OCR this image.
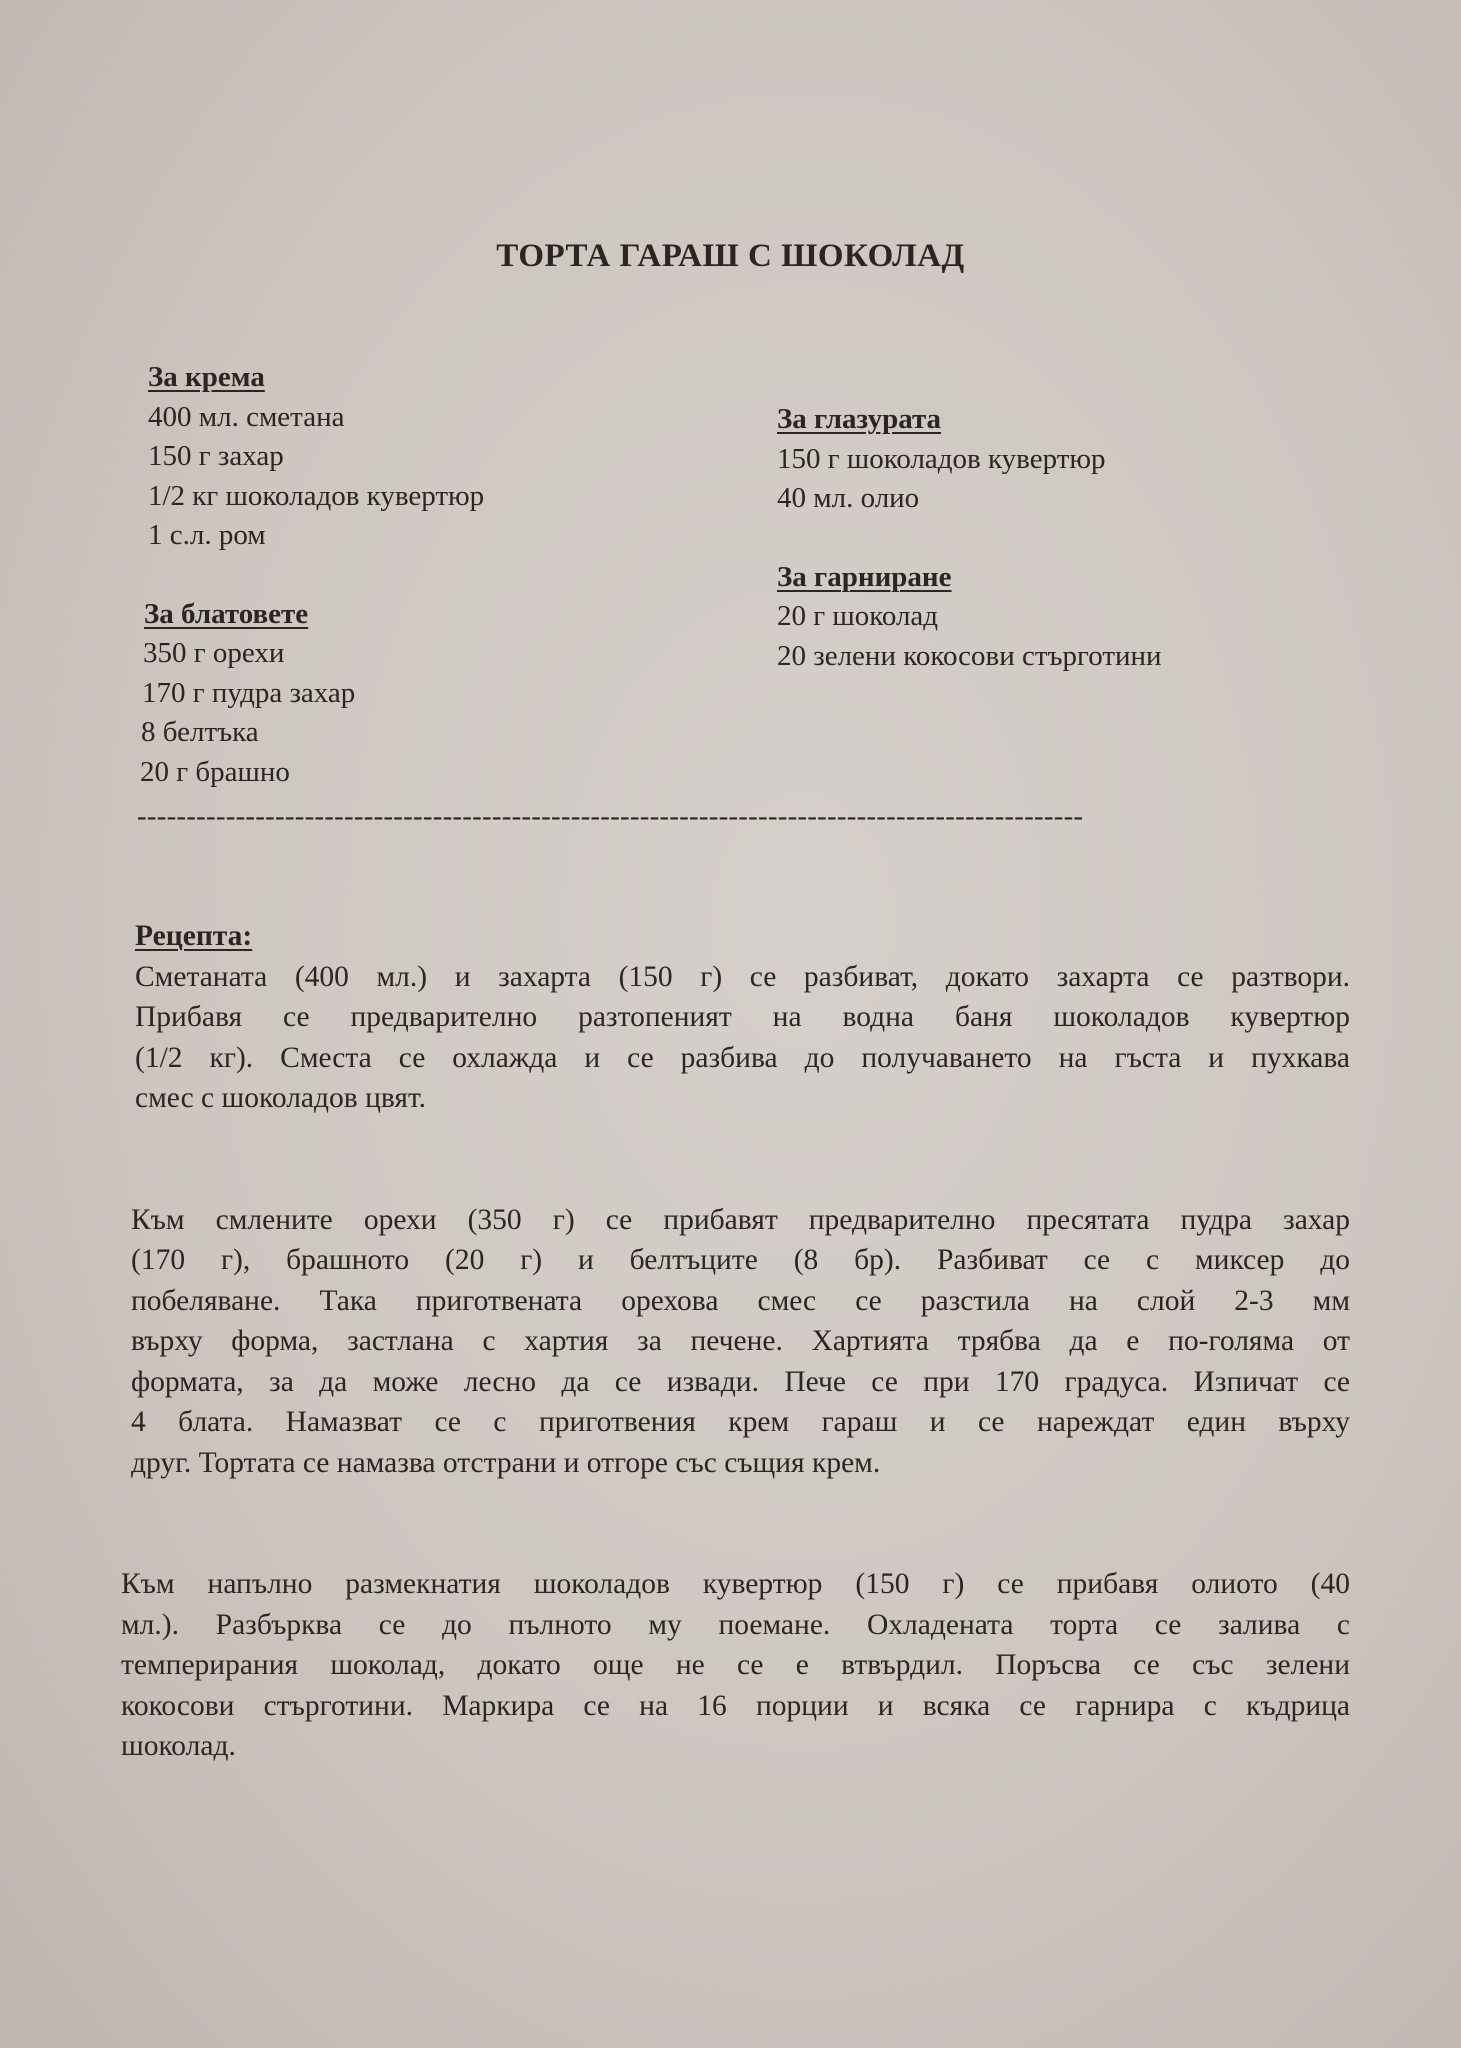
ТОРТА ГАРАШ С ШОКОЛАД
За крема
400 мл. сметана
150 г захар
1/2 кг шоколадов кувертюр
1 с.л. ром
За блатовете
350 г орехи
170 г пудра захар
8 белтъка
20 г брашно
За глазурата
150 г шоколадов кувертюр
40 мл. олио
За гарниране
20 г шоколад
20 зелени кокосови стърготини
------------------------------------------------------------------------------------------------
Рецепта:
Сметаната (400 мл.) и захарта (150 г) се разбиват, докато захарта се разтвори.
Прибавя се предварително разтопеният на водна баня шоколадов кувертюр
(1/2 кг). Сместа се охлажда и се разбива до получаването на гъста и пухкава
смес с шоколадов цвят.
Към смлените орехи (350 г) се прибавят предварително пресятата пудра захар
(170 г), брашното (20 г) и белтъците (8 бр). Разбиват се с миксер до
побеляване. Така приготвената орехова смес се разстила на слой 2-3 мм
върху форма, застлана с хартия за печене. Хартията трябва да е по-голяма от
формата, за да може лесно да се извади. Пече се при 170 градуса. Изпичат се
4 блата. Намазват се с приготвения крем гараш и се нареждат един върху
друг. Тортата се намазва отстрани и отгоре със същия крем.
Към напълно размекнатия шоколадов кувертюр (150 г) се прибавя олиото (40
мл.). Разбърква се до пълното му поемане. Охладената торта се залива с
темперирания шоколад, докато още не се е втвърдил. Поръсва се със зелени
кокосови стърготини. Маркира се на 16 порции и всяка се гарнира с къдрица
шоколад.
